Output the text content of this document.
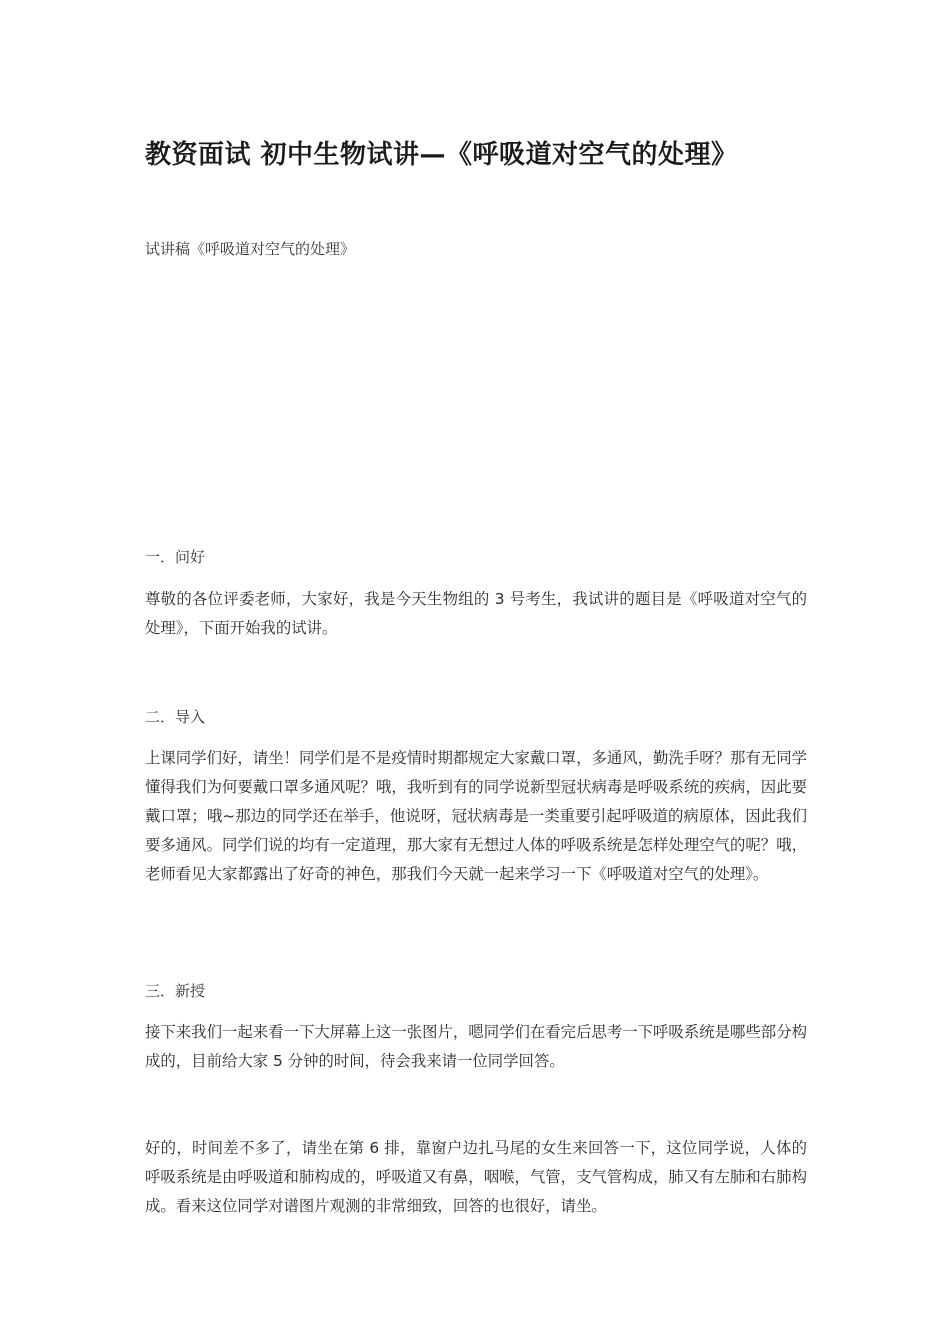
教资面试 初中生物试讲—《呼吸道对空气的处理》
试讲稿《呼吸道对空气的处理》
一．问好
尊敬的各位评委老师，大家好，我是今天生物组的 3 号考生，我试讲的题目是《呼吸道对空气的处理》，下面开始我的试讲。
二．导入
上课同学们好，请坐！同学们是不是疫情时期都规定大家戴口罩，多通风，勤洗手呀？那有无同学懂得我们为何要戴口罩多通风呢？哦，我听到有的同学说新型冠状病毒是呼吸系统的疾病，因此要戴口罩；哦~那边的同学还在举手，他说呀，冠状病毒是一类重要引起呼吸道的病原体，因此我们要多通风。同学们说的均有一定道理，那大家有无想过人体的呼吸系统是怎样处理空气的呢？哦，老师看见大家都露出了好奇的神色，那我们今天就一起来学习一下《呼吸道对空气的处理》。
三．新授
接下来我们一起来看一下大屏幕上这一张图片，嗯同学们在看完后思考一下呼吸系统是哪些部分构成的，目前给大家 5 分钟的时间，待会我来请一位同学回答。
好的，时间差不多了，请坐在第 6 排，靠窗户边扎马尾的女生来回答一下，这位同学说，人体的呼吸系统是由呼吸道和肺构成的，呼吸道又有鼻，咽喉，气管，支气管构成，肺又有左肺和右肺构成。看来这位同学对谱图片观测的非常细致，回答的也很好，请坐。
